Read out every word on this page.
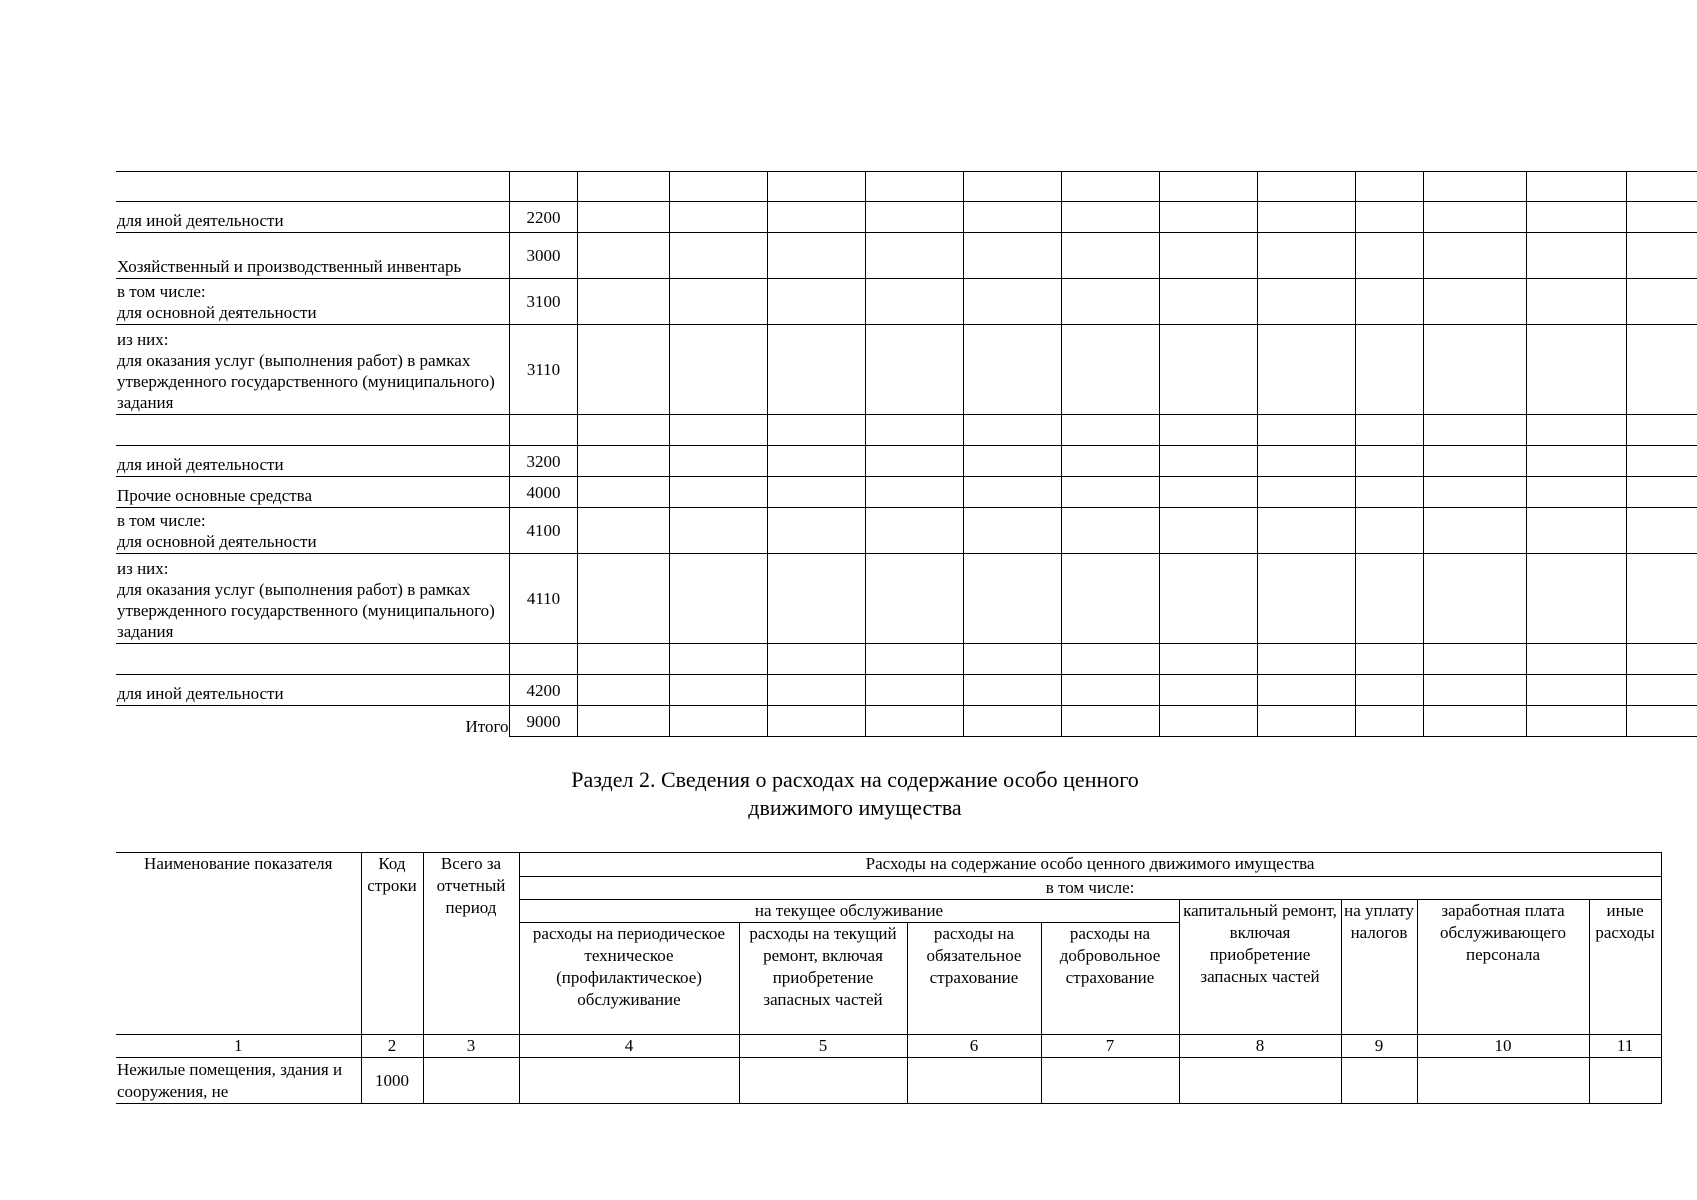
для иной деятельности	2200												
Хозяйственный и производственный инвентарь	3000												
в том числе:
для основной деятельности	3100												
из них:
для оказания услуг (выполнения работ) в рамках утвержденного государственного (муниципального) задания	3110												

для иной деятельности	3200												
Прочие основные средства	4000												
в том числе:
для основной деятельности	4100												
из них:
для оказания услуг (выполнения работ) в рамках утвержденного государственного (муниципального) задания	4110												

для иной деятельности	4200												
Итого	9000												
Раздел 2. Сведения о расходах на содержание особо ценного
движимого имущества
Наименование показателя	Код строки	Всего за отчетный период	Расходы на содержание особо ценного движимого имущества							
			в том числе:							
			на текущее обслуживание				капитальный ремонт, включая приобретение запасных частей	на уплату налогов	заработная плата обслуживающего персонала	иные расходы
			расходы на периодическое техническое (профилактическое) обслуживание	расходы на текущий ремонт, включая приобретение запасных частей	расходы на обязательное страхование	расходы на добровольное страхование				
1	2	3	4	5	6	7	8	9	10	11
Нежилые помещения, здания и сооружения, не	1000									
